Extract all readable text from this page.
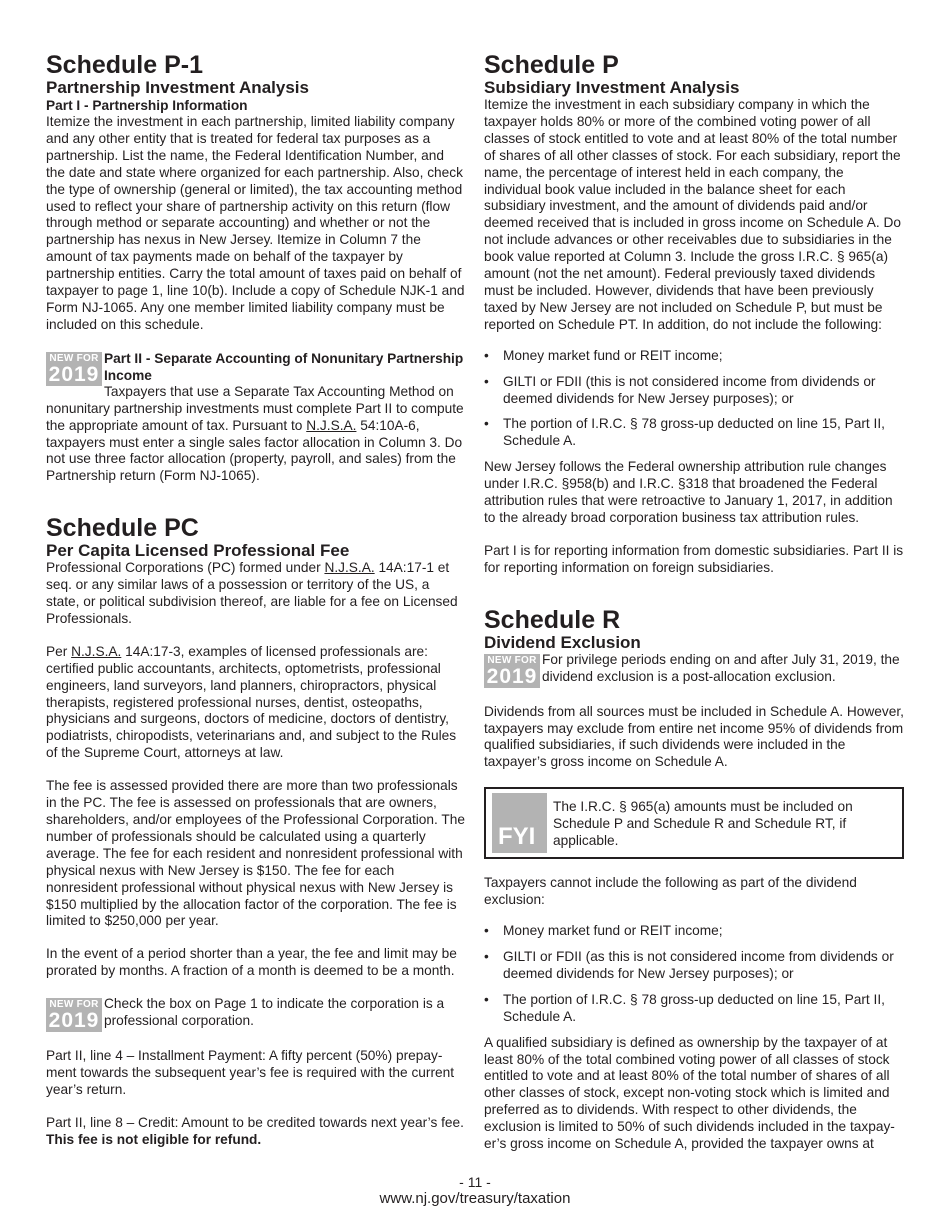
Schedule P-1
Partnership Investment Analysis
Part I - Partnership Information

Itemize the investment in each partnership, limited liability company and any other entity that is treated for federal tax purposes as a partnership. List the name, the Federal Identification Number, and the date and state where organized for each partnership. Also, check the type of ownership (general or limited), the tax accounting method used to reflect your share of partnership activity on this return (flow through method or separate accounting) and whether or not the partnership has nexus in New Jersey. Itemize in Column 7 the amount of tax payments made on behalf of the taxpayer by partnership entities. Carry the total amount of taxes paid on behalf of taxpayer to page 1, line 10(b). Include a copy of Schedule NJK-1 and Form NJ-1065. Any one member limited liability company must be included on this schedule.

NEW FOR
2019
Part II - Separate Accounting of Nonunitary Partnership Income

Taxpayers that use a Separate Tax Accounting Method on nonunitary partnership investments must complete Part II to compute the appropriate amount of tax. Pursuant to N.J.S.A. 54:10A-6, taxpayers must enter a single sales factor allocation in Column 3. Do not use three factor allocation (property, payroll, and sales) from the Partnership return (Form NJ-1065).

Schedule PC
Per Capita Licensed Professional Fee

Professional Corporations (PC) formed under N.J.S.A. 14A:17-1 et seq. or any similar laws of a possession or territory of the US, a state, or political subdivision thereof, are liable for a fee on Licensed Professionals.

Per N.J.S.A. 14A:17-3, examples of licensed professionals are: certified public accountants, architects, optometrists, professional engineers, land surveyors, land planners, chiropractors, physical therapists, registered professional nurses, dentist, osteopaths, physicians and surgeons, doctors of medicine, doctors of dentistry, podiatrists, chiropodists, veterinarians and, and subject to the Rules of the Supreme Court, attorneys at law.

The fee is assessed provided there are more than two professionals in the PC. The fee is assessed on professionals that are owners, shareholders, and/or employees of the Professional Corporation. The number of professionals should be calculated using a quarterly average. The fee for each resident and nonresident professional with physical nexus with New Jersey is $150. The fee for each nonresident professional without physical nexus with New Jersey is $150 multiplied by the allocation factor of the corporation. The fee is limited to $250,000 per year.

In the event of a period shorter than a year, the fee and limit may be prorated by months. A fraction of a month is deemed to be a month.

NEW FOR
2019

Check the box on Page 1 to indicate the corporation is a professional corporation.

Part II, line 4 – Installment Payment: A fifty percent (50%) prepayment towards the subsequent year’s fee is required with the current year’s return.

Part II, line 8 – Credit: Amount to be credited towards next year’s fee. This fee is not eligible for refund.

Schedule P
Subsidiary Investment Analysis

Itemize the investment in each subsidiary company in which the taxpayer holds 80% or more of the combined voting power of all classes of stock entitled to vote and at least 80% of the total number of shares of all other classes of stock. For each subsidiary, report the name, the percentage of interest held in each company, the individual book value included in the balance sheet for each subsidiary investment, and the amount of dividends paid and/or deemed received that is included in gross income on Schedule A. Do not include advances or other receivables due to subsidiaries in the book value reported at Column 3. Include the gross I.R.C. § 965(a) amount (not the net amount). Federal previously taxed dividends must be included. However, dividends that have been previously taxed by New Jersey are not included on Schedule P, but must be reported on Schedule PT. In addition, do not include the following:

• Money market fund or REIT income;
• GILTI or FDII (this is not considered income from dividends or deemed dividends for New Jersey purposes); or
• The portion of I.R.C. § 78 gross-up deducted on line 15, Part II, Schedule A.

New Jersey follows the Federal ownership attribution rule changes under I.R.C. §958(b) and I.R.C. §318 that broadened the Federal attribution rules that were retroactive to January 1, 2017, in addition to the already broad corporation business tax attribution rules.

Part I is for reporting information from domestic subsidiaries. Part II is for reporting information on foreign subsidiaries.

Schedule R
Dividend Exclusion
NEW FOR
2019

For privilege periods ending on and after July 31, 2019, the dividend exclusion is a post-allocation exclusion.

Dividends from all sources must be included in Schedule A. However, taxpayers may exclude from entire net income 95% of dividends from qualified subsidiaries, if such dividends were included in the taxpayer’s gross income on Schedule A.

FYI

The I.R.C. § 965(a) amounts must be included on Schedule P and Schedule R and Schedule RT, if applicable.

Taxpayers cannot include the following as part of the dividend exclusion:

• Money market fund or REIT income;
• GILTI or FDII (as this is not considered income from dividends or deemed dividends for New Jersey purposes); or
• The portion of I.R.C. § 78 gross-up deducted on line 15, Part II, Schedule A.

A qualified subsidiary is defined as ownership by the taxpayer of at least 80% of the total combined voting power of all classes of stock entitled to vote and at least 80% of the total number of shares of all other classes of stock, except non-voting stock which is limited and preferred as to dividends. With respect to other dividends, the exclusion is limited to 50% of such dividends included in the taxpayer’s gross income on Schedule A, provided the taxpayer owns at

- 11 -
www.nj.gov/treasury/taxation
